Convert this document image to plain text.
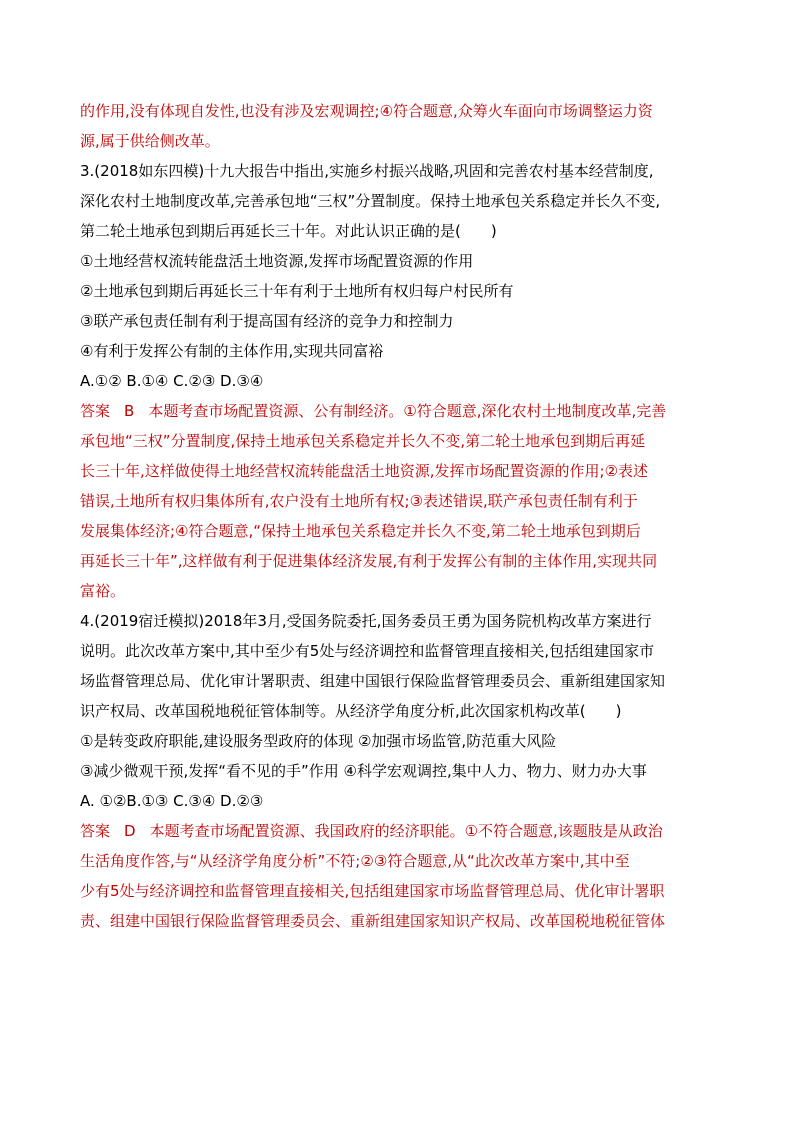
的作用,没有体现自发性,也没有涉及宏观调控;④符合题意,众筹火车面向市场调整运力资
源,属于供给侧改革。
3.(2018如东四模)十九大报告中指出,实施乡村振兴战略,巩固和完善农村基本经营制度,
深化农村土地制度改革,完善承包地“三权”分置制度。保持土地承包关系稳定并长久不变,
第二轮土地承包到期后再延长三十年。对此认识正确的是(　　)
①土地经营权流转能盘活土地资源,发挥市场配置资源的作用
②土地承包到期后再延长三十年有利于土地所有权归每户村民所有
③联产承包责任制有利于提高国有经济的竞争力和控制力
④有利于发挥公有制的主体作用,实现共同富裕
A.①② B.①④ C.②③ D.③④
答案 B 本题考查市场配置资源、公有制经济。①符合题意,深化农村土地制度改革,完善
承包地“三权”分置制度,保持土地承包关系稳定并长久不变,第二轮土地承包到期后再延
长三十年,这样做使得土地经营权流转能盘活土地资源,发挥市场配置资源的作用;②表述
错误,土地所有权归集体所有,农户没有土地所有权;③表述错误,联产承包责任制有利于
发展集体经济;④符合题意,“保持土地承包关系稳定并长久不变,第二轮土地承包到期后
再延长三十年”,这样做有利于促进集体经济发展,有利于发挥公有制的主体作用,实现共同
富裕。
4.(2019宿迁模拟)2018年3月,受国务院委托,国务委员王勇为国务院机构改革方案进行
说明。此次改革方案中,其中至少有5处与经济调控和监督管理直接相关,包括组建国家市
场监督管理总局、优化审计署职责、组建中国银行保险监督管理委员会、重新组建国家知
识产权局、改革国税地税征管体制等。从经济学角度分析,此次国家机构改革(　　)
①是转变政府职能,建设服务型政府的体现 ②加强市场监管,防范重大风险
③减少微观干预,发挥“看不见的手”作用 ④科学宏观调控,集中人力、物力、财力办大事
A. ①②B.①③ C.③④ D.②③
答案 D 本题考查市场配置资源、我国政府的经济职能。①不符合题意,该题肢是从政治
生活角度作答,与“从经济学角度分析”不符;②③符合题意,从“此次改革方案中,其中至
少有5处与经济调控和监督管理直接相关,包括组建国家市场监督管理总局、优化审计署职
责、组建中国银行保险监督管理委员会、重新组建国家知识产权局、改革国税地税征管体
